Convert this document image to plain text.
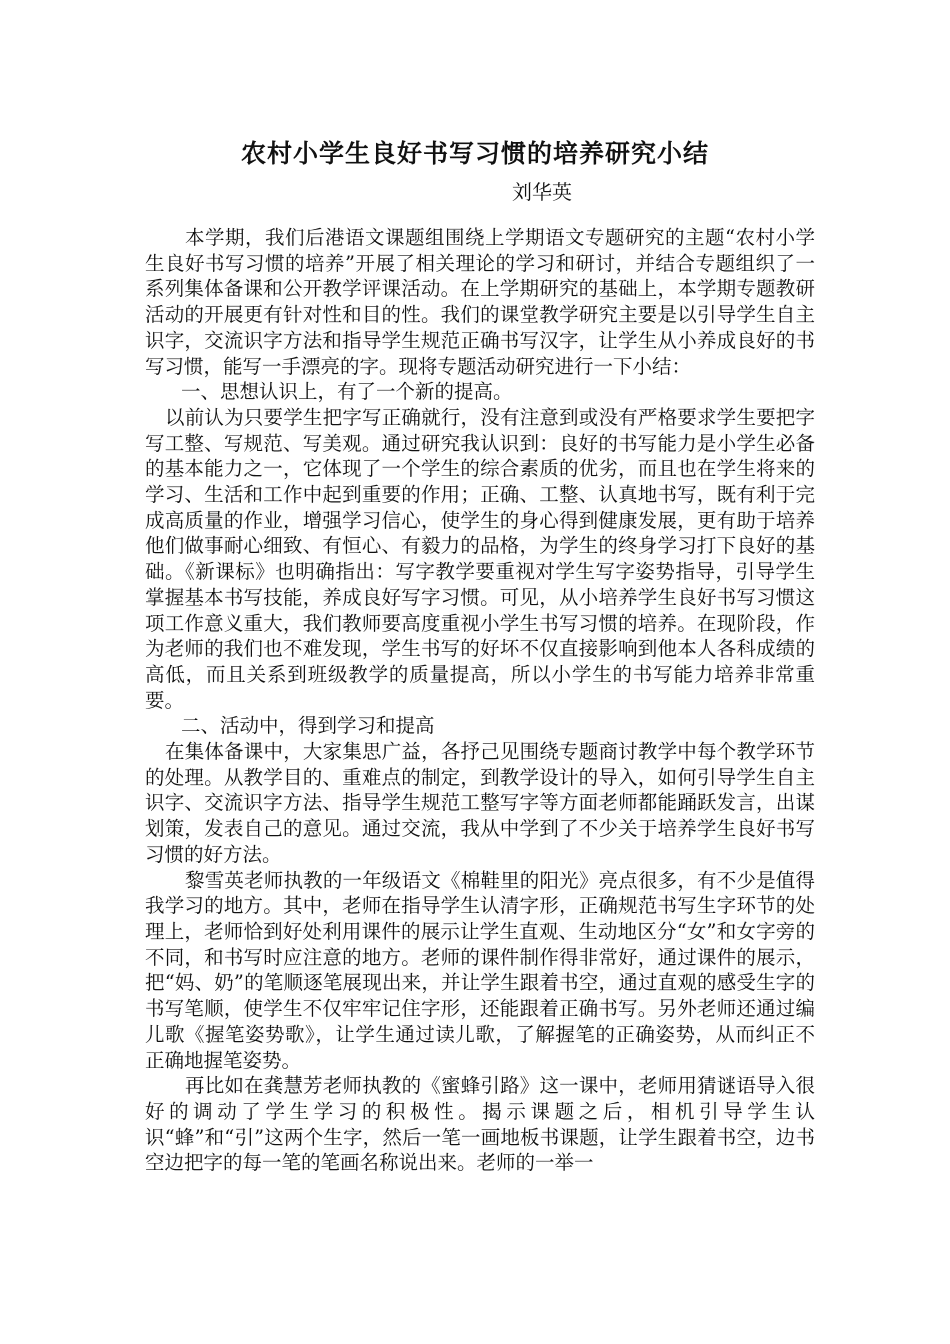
农村小学生良好书写习惯的培养研究小结
刘华英

本学期，我们后港语文课题组围绕上学期语文专题研究的主题“农村小学生良好书写习惯的培养”开展了相关理论的学习和研讨，并结合专题组织了一系列集体备课和公开教学评课活动。在上学期研究的基础上，本学期专题教研活动的开展更有针对性和目的性。我们的课堂教学研究主要是以引导学生自主识字，交流识字方法和指导学生规范正确书写汉字，让学生从小养成良好的书写习惯，能写一手漂亮的字。现将专题活动研究进行一下小结：

一、思想认识上，有了一个新的提高。

以前认为只要学生把字写正确就行，没有注意到或没有严格要求学生要把字写工整、写规范、写美观。通过研究我认识到：良好的书写能力是小学生必备的基本能力之一，它体现了一个学生的综合素质的优劣，而且也在学生将来的学习、生活和工作中起到重要的作用；正确、工整、认真地书写，既有利于完成高质量的作业，增强学习信心，使学生的身心得到健康发展，更有助于培养他们做事耐心细致、有恒心、有毅力的品格，为学生的终身学习打下良好的基础。《新课标》也明确指出：写字教学要重视对学生写字姿势指导，引导学生掌握基本书写技能，养成良好写字习惯。可见，从小培养学生良好书写习惯这项工作意义重大，我们教师要高度重视小学生书写习惯的培养。在现阶段，作为老师的我们也不难发现，学生书写的好坏不仅直接影响到他本人各科成绩的高低，而且关系到班级教学的质量提高，所以小学生的书写能力培养非常重要。

二、活动中，得到学习和提高

在集体备课中，大家集思广益，各抒己见围绕专题商讨教学中每个教学环节的处理。从教学目的、重难点的制定，到教学设计的导入，如何引导学生自主识字、交流识字方法、指导学生规范工整写字等方面老师都能踊跃发言，出谋划策，发表自己的意见。通过交流，我从中学到了不少关于培养学生良好书写习惯的好方法。

黎雪英老师执教的一年级语文《棉鞋里的阳光》亮点很多，有不少是值得我学习的地方。其中，老师在指导学生认清字形，正确规范书写生字环节的处理上，老师恰到好处利用课件的展示让学生直观、生动地区分“女”和女字旁的不同，和书写时应注意的地方。老师的课件制作得非常好，通过课件的展示，把“妈、奶”的笔顺逐笔展现出来，并让学生跟着书空，通过直观的感受生字的书写笔顺，使学生不仅牢牢记住字形，还能跟着正确书写。另外老师还通过编儿歌《握笔姿势歌》，让学生通过读儿歌，了解握笔的正确姿势，从而纠正不正确地握笔姿势。

再比如在龚慧芳老师执教的《蜜蜂引路》这一课中，老师用猜谜语导入很好的调动了学生学习的积极性。揭示课题之后，相机引导学生认识“蜂”和“引”这两个生字，然后一笔一画地板书课题，让学生跟着书空，边书空边把字的每一笔的笔画名称说出来。老师的一举一
